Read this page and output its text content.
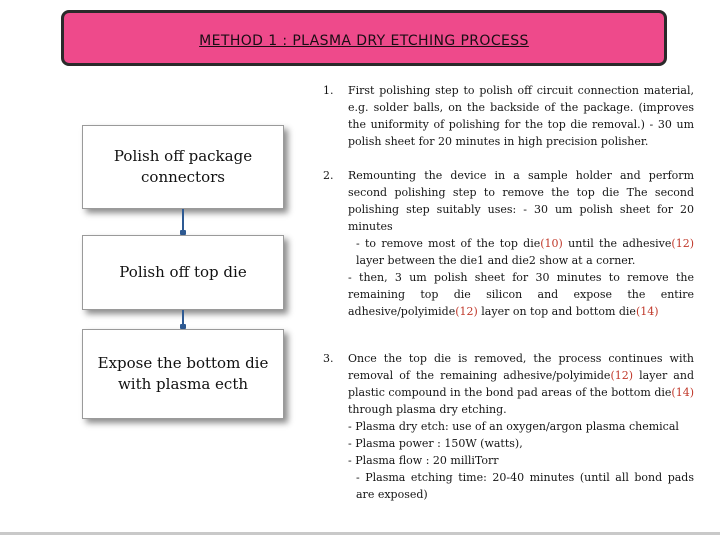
METHOD 1 : PLASMA DRY ETCHING PROCESS
Polish off package
connectors
Polish off top die
Expose the bottom die
with plasma ecth
1. First polishing step to polish off circuit connection material, e.g. solder balls, on the backside of the package. (improves the uniformity of polishing for the top die removal.) - 30 um polish sheet for 20 minutes in high precision polisher.

2. Remounting the device in a sample holder and perform second polishing step to remove the top die The second polishing step suitably uses: - 30 um polish sheet for 20 minutes

- to remove most of the top die(10) until the adhesive(12) layer between the die1 and die2 show at a corner.

- then, 3 um polish sheet for 30 minutes to remove the remaining top die silicon and expose the entire adhesive/polyimide(12) layer on top and bottom die(14)

3. Once the top die is removed, the process continues with removal of the remaining adhesive/polyimide(12) layer and plastic compound in the bond pad areas of the bottom die(14) through plasma dry etching.

- Plasma dry etch: use of an oxygen/argon plasma chemical

- Plasma power : 150W (watts),

- Plasma flow : 20 milliTorr

- Plasma etching time: 20-40 minutes (until all bond pads are exposed)
